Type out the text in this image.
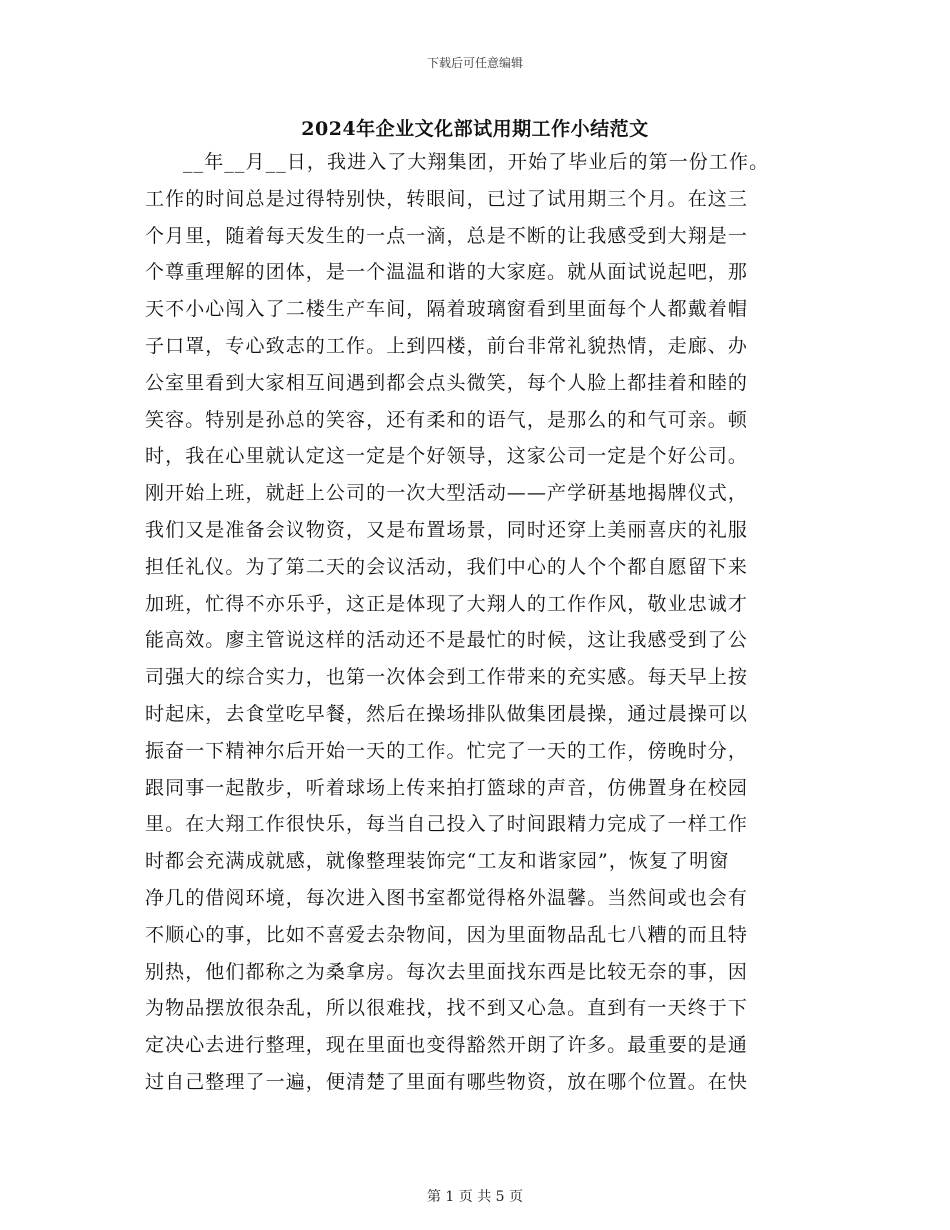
下载后可任意编辑
2024年企业文化部试用期工作小结范文
__年__月__日，我进入了大翔集团，开始了毕业后的第一份工作。
工作的时间总是过得特别快，转眼间，已过了试用期三个月。在这三
个月里，随着每天发生的一点一滴，总是不断的让我感受到大翔是一
个尊重理解的团体，是一个温温和谐的大家庭。就从面试说起吧，那
天不小心闯入了二楼生产车间，隔着玻璃窗看到里面每个人都戴着帽
子口罩，专心致志的工作。上到四楼，前台非常礼貌热情，走廊、办
公室里看到大家相互间遇到都会点头微笑，每个人脸上都挂着和睦的
笑容。特别是孙总的笑容，还有柔和的语气，是那么的和气可亲。顿
时，我在心里就认定这一定是个好领导，这家公司一定是个好公司。
刚开始上班，就赶上公司的一次大型活动——产学研基地揭牌仪式，
我们又是准备会议物资，又是布置场景，同时还穿上美丽喜庆的礼服
担任礼仪。为了第二天的会议活动，我们中心的人个个都自愿留下来
加班，忙得不亦乐乎，这正是体现了大翔人的工作作风，敬业忠诚才
能高效。廖主管说这样的活动还不是最忙的时候，这让我感受到了公
司强大的综合实力，也第一次体会到工作带来的充实感。每天早上按
时起床，去食堂吃早餐，然后在操场排队做集团晨操，通过晨操可以
振奋一下精神尔后开始一天的工作。忙完了一天的工作，傍晚时分，
跟同事一起散步，听着球场上传来拍打篮球的声音，仿佛置身在校园
里。在大翔工作很快乐，每当自己投入了时间跟精力完成了一样工作
时都会充满成就感，就像整理装饰完“工友和谐家园”，恢复了明窗
净几的借阅环境，每次进入图书室都觉得格外温馨。当然间或也会有
不顺心的事，比如不喜爱去杂物间，因为里面物品乱七八糟的而且特
别热，他们都称之为桑拿房。每次去里面找东西是比较无奈的事，因
为物品摆放很杂乱，所以很难找，找不到又心急。直到有一天终于下
定决心去进行整理，现在里面也变得豁然开朗了许多。最重要的是通
过自己整理了一遍，便清楚了里面有哪些物资，放在哪个位置。在快
第 1 页 共 5 页
